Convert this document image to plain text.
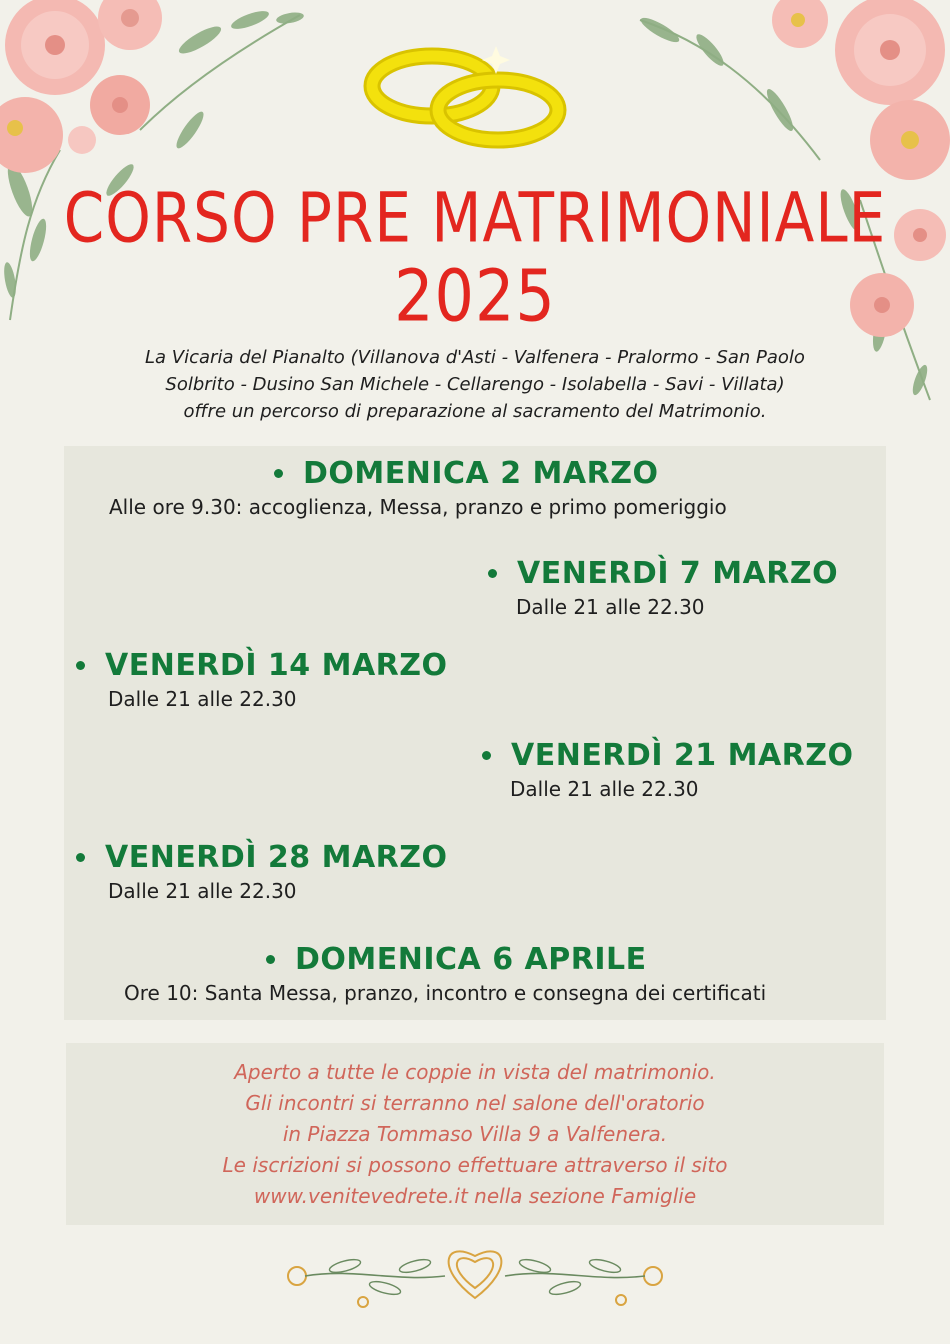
CORSO PRE MATRIMONIALE
2025
La Vicaria del Pianalto (Villanova d'Asti - Valfenera - Pralormo - San Paolo
Solbrito - Dusino San Michele - Cellarengo - Isolabella - Savi - Villata)
offre un percorso di preparazione al sacramento del Matrimonio.
DOMENICA 2 MARZO
Alle ore 9.30: accoglienza, Messa, pranzo e primo pomeriggio
VENERDÌ 7 MARZO
Dalle 21 alle 22.30
VENERDÌ 14 MARZO
Dalle 21 alle 22.30
VENERDÌ 21 MARZO
Dalle 21 alle 22.30
VENERDÌ 28 MARZO
Dalle 21 alle 22.30
DOMENICA 6 APRILE
Ore 10: Santa Messa, pranzo, incontro e consegna dei certificati
Aperto a tutte le coppie in vista del matrimonio.
Gli incontri si terranno nel salone dell'oratorio
in Piazza Tommaso Villa 9 a Valfenera.
Le iscrizioni si possono effettuare attraverso il sito
www.venitevedrete.it nella sezione Famiglie
